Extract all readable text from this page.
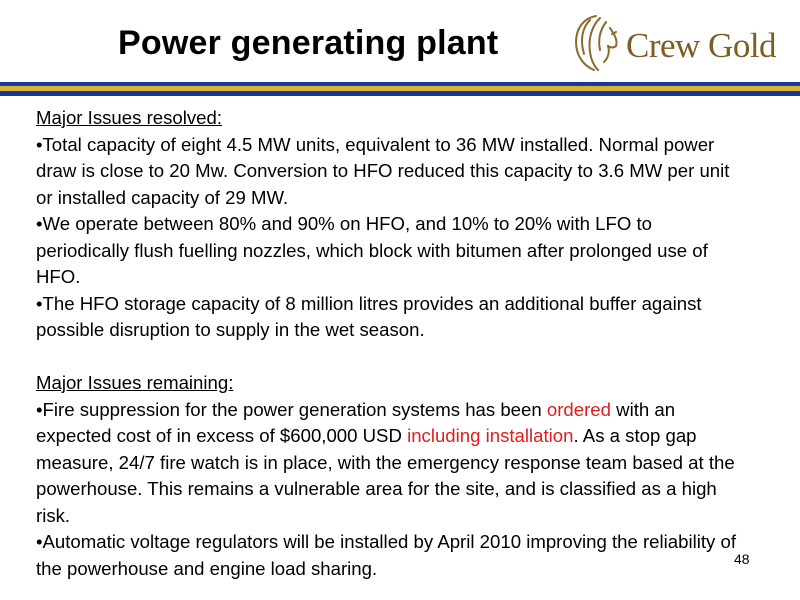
Power generating plant	Crew Gold

Major Issues resolved:

•Total capacity of eight 4.5 MW units, equivalent to 36 MW installed. Normal power draw is close to 20 Mw. Conversion to HFO reduced this capacity to 3.6 MW per unit or installed capacity of 29 MW.

•We operate between 80% and 90% on HFO, and 10% to 20% with LFO to periodically flush fuelling nozzles, which block with bitumen after prolonged use of HFO.

•The HFO storage capacity of 8 million litres provides an additional buffer against possible disruption to supply in the wet season.

Major Issues remaining:

•Fire suppression for the power generation systems has been ordered with an expected cost of in excess of $600,000 USD including installation. As a stop gap measure, 24/7 fire watch is in place, with the emergency response team based at the powerhouse. This remains a vulnerable area for the site, and is classified as a high risk.

•Automatic voltage regulators will be installed by April 2010 improving the reliability of the powerhouse and engine load sharing.	48
